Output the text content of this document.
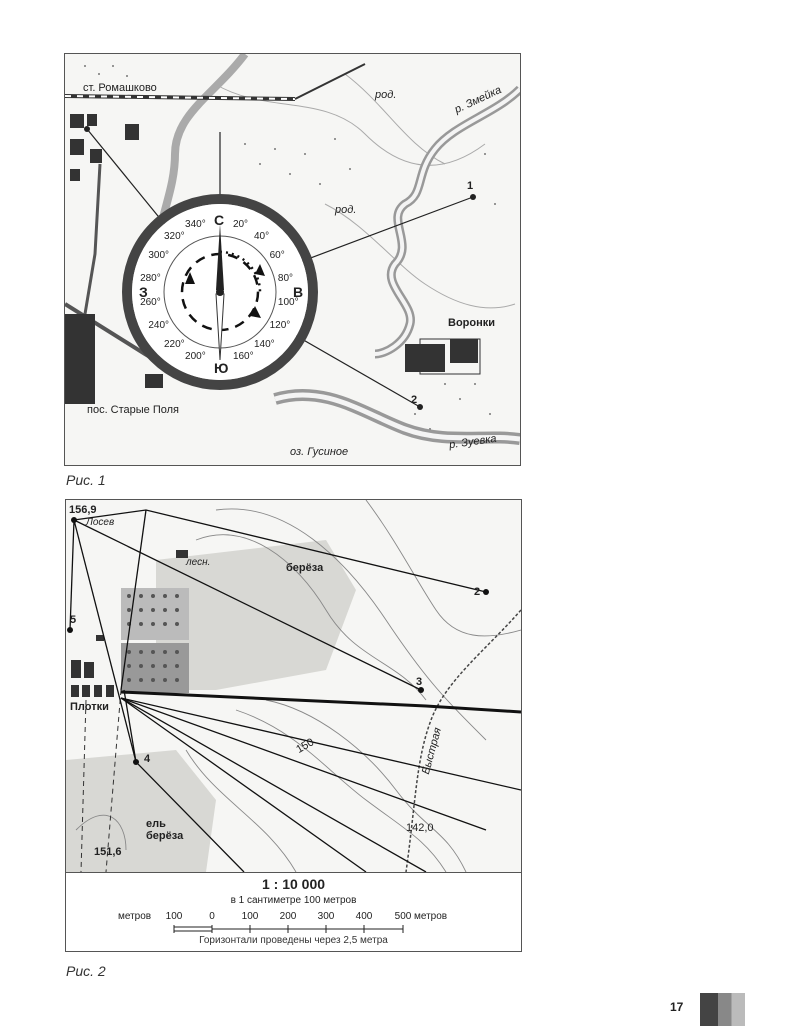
ст. Ромашково
Воронки
пос. Старые Поля
р. Змейка
р. Зуевка
оз. Гусиное
род.
род.
1
2
С
Ю
В
З
20°
40°
60°
80°
100°
120°
140°
160°
200°
220°
240°
260°
280°
300°
320°
340°
Рис. 1
156,9
Лосев
151,6
142,0
150
Плотки
лесн.	берёза
ель
берёза
Быстрая
2
3
4
5
1 : 10 000
в 1 сантиметре 100 метров
метров 100	0	100 200 300 400 500 метров
Горизонтали проведены через 2,5 метра
Рис. 2
17
